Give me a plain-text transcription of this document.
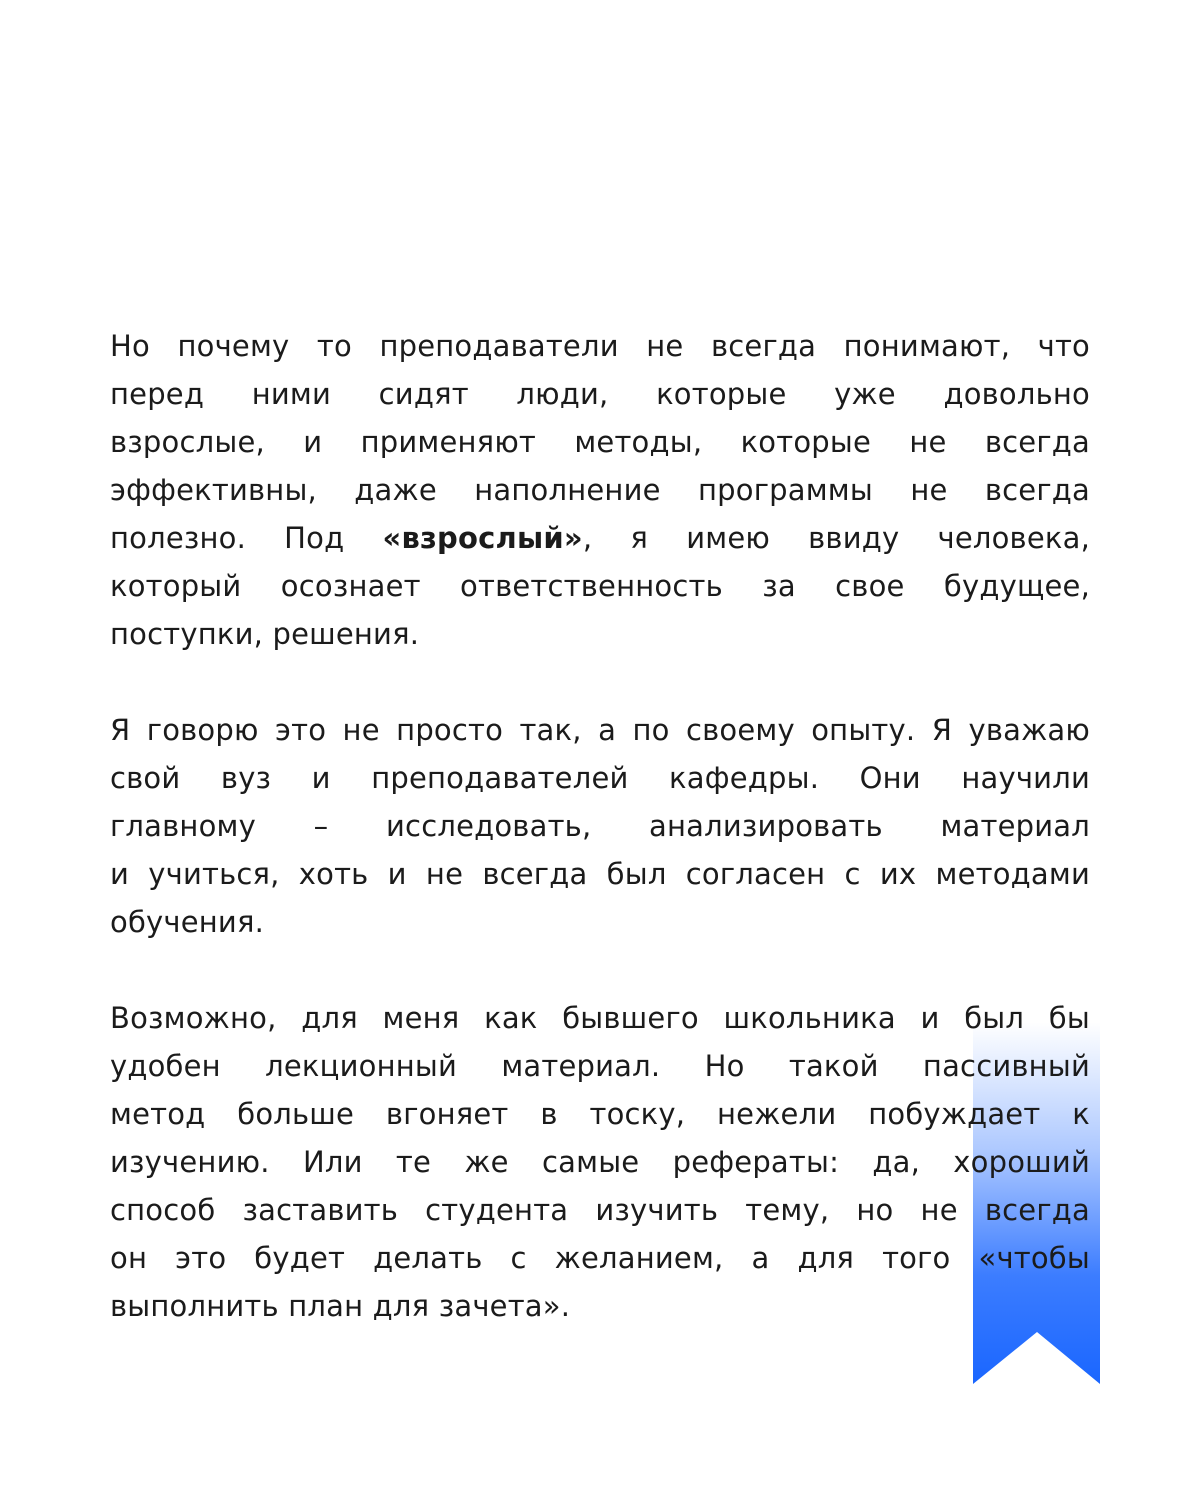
Но почему то преподаватели не всегда понимают, что
перед ними сидят люди, которые уже довольно
взрослые, и применяют методы, которые не всегда
эффективны, даже наполнение программы не всегда
полезно. Под «взрослый», я имею ввиду человека,
который осознает ответственность за свое будущее,
поступки, решения.

Я говорю это не просто так, а по своему опыту. Я уважаю
свой вуз и преподавателей кафедры. Они научили
главному – исследовать, анализировать материал
и учиться, хоть и не всегда был согласен с их методами
обучения.

Возможно, для меня как бывшего школьника и был бы
удобен лекционный материал. Но такой пассивный
метод больше вгоняет в тоску, нежели побуждает к
изучению. Или те же самые рефераты: да, хороший
способ заставить студента изучить тему, но не всегда
он это будет делать с желанием, а для того «чтобы
выполнить план для зачета».
